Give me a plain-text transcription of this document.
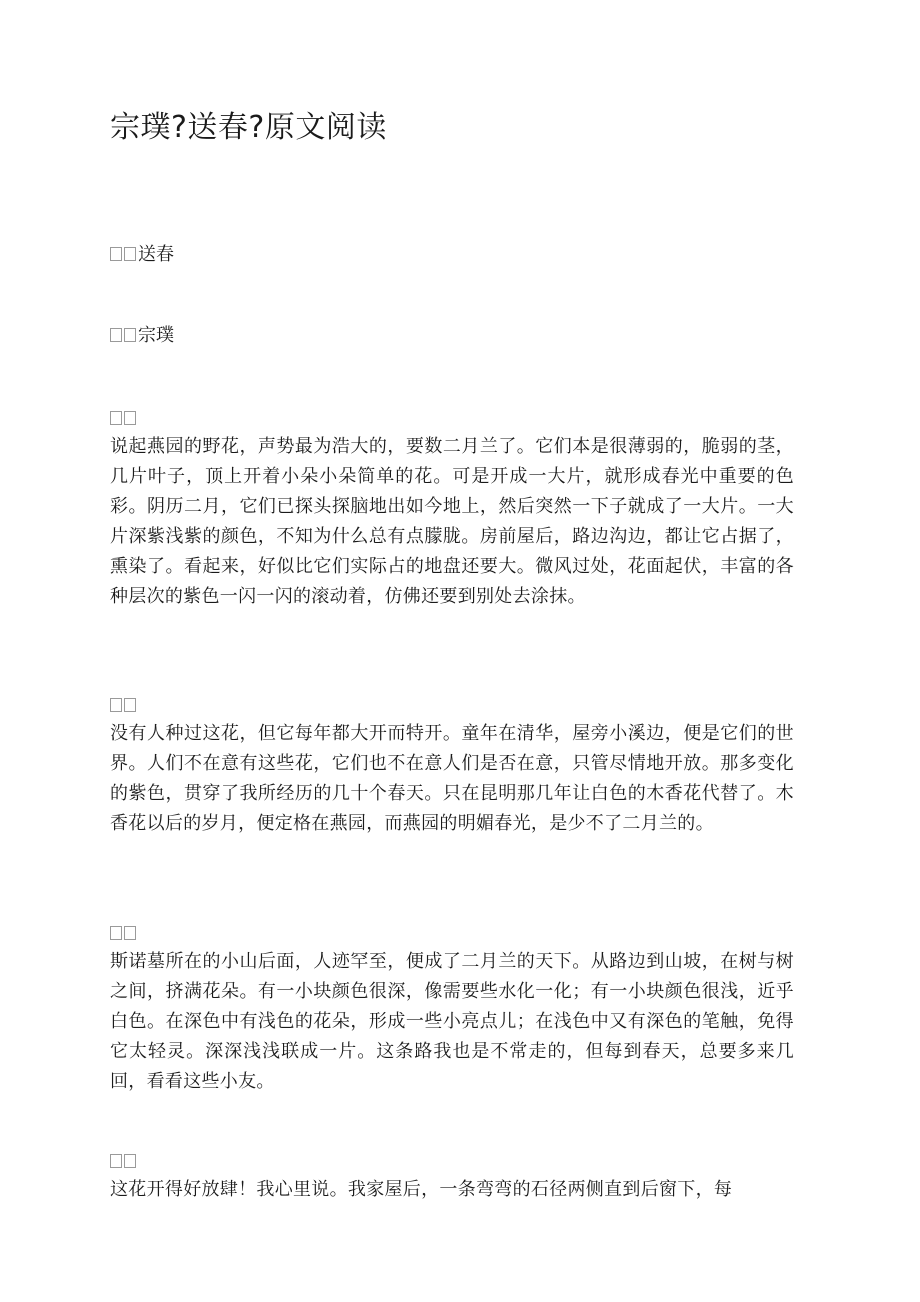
宗璞?送春?原文阅读
送春
宗璞

说起燕园的野花，声势最为浩大的，要数二月兰了。它们本是很薄弱的，脆弱的茎，几片叶子，顶上开着小朵小朵简单的花。可是开成一大片，就形成春光中重要的色彩。阴历二月，它们已探头探脑地出如今地上，然后突然一下子就成了一大片。一大片深紫浅紫的颜色，不知为什么总有点朦胧。房前屋后，路边沟边，都让它占据了，熏染了。看起来，好似比它们实际占的地盘还要大。微风过处，花面起伏，丰富的各种层次的紫色一闪一闪的滚动着，仿佛还要到别处去涂抹。

没有人种过这花，但它每年都大开而特开。童年在清华，屋旁小溪边，便是它们的世界。人们不在意有这些花，它们也不在意人们是否在意，只管尽情地开放。那多变化的紫色，贯穿了我所经历的几十个春天。只在昆明那几年让白色的木香花代替了。木香花以后的岁月，便定格在燕园，而燕园的明媚春光，是少不了二月兰的。

斯诺墓所在的小山后面，人迹罕至，便成了二月兰的天下。从路边到山坡，在树与树之间，挤满花朵。有一小块颜色很深，像需要些水化一化；有一小块颜色很浅，近乎白色。在深色中有浅色的花朵，形成一些小亮点儿；在浅色中又有深色的笔触，免得它太轻灵。深深浅浅联成一片。这条路我也是不常走的，但每到春天，总要多来几回，看看这些小友。

这花开得好放肆！我心里说。我家屋后，一条弯弯的石径两侧直到后窗下，每
